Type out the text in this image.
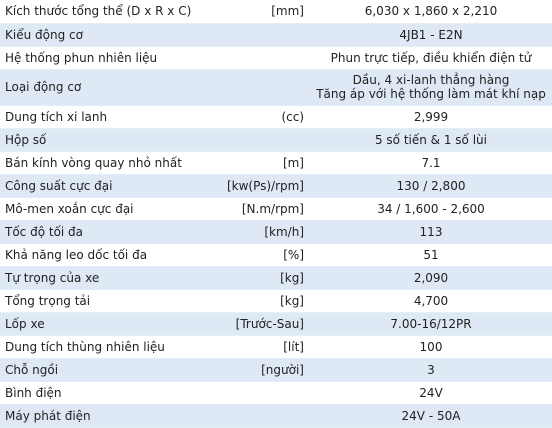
Kích thước tổng thể (D x R x C)	[mm]	6,030 x 1,860 x 2,210
Kiểu động cơ		4JB1 - E2N
Hệ thống phun nhiên liệu		Phun trực tiếp, điều khiển điện tử
Loại động cơ		Dầu, 4 xi-lanh thẳng hàng
Tăng áp với hệ thống làm mát khí nạp

Dung tích xi lanh	(cc)	2,999
Hộp số		5 số tiến & 1 số lùi
Bán kính vòng quay nhỏ nhất	[m]	7.1
Công suất cực đại	[kw(Ps)/rpm]	130 / 2,800
Mô-men xoắn cực đại	[N.m/rpm]	34 / 1,600 - 2,600
Tốc độ tối đa	[km/h]	113
Khả năng leo dốc tối đa	[%]	51
Tự trọng của xe	[kg]	2,090
Tổng trọng tải	[kg]	4,700
Lốp xe	[Trước-Sau]	7.00-16/12PR
Dung tích thùng nhiên liệu	[lít]	100
Chỗ ngồi	[người]	3
Bình điện		24V
Máy phát điện		24V - 50A
